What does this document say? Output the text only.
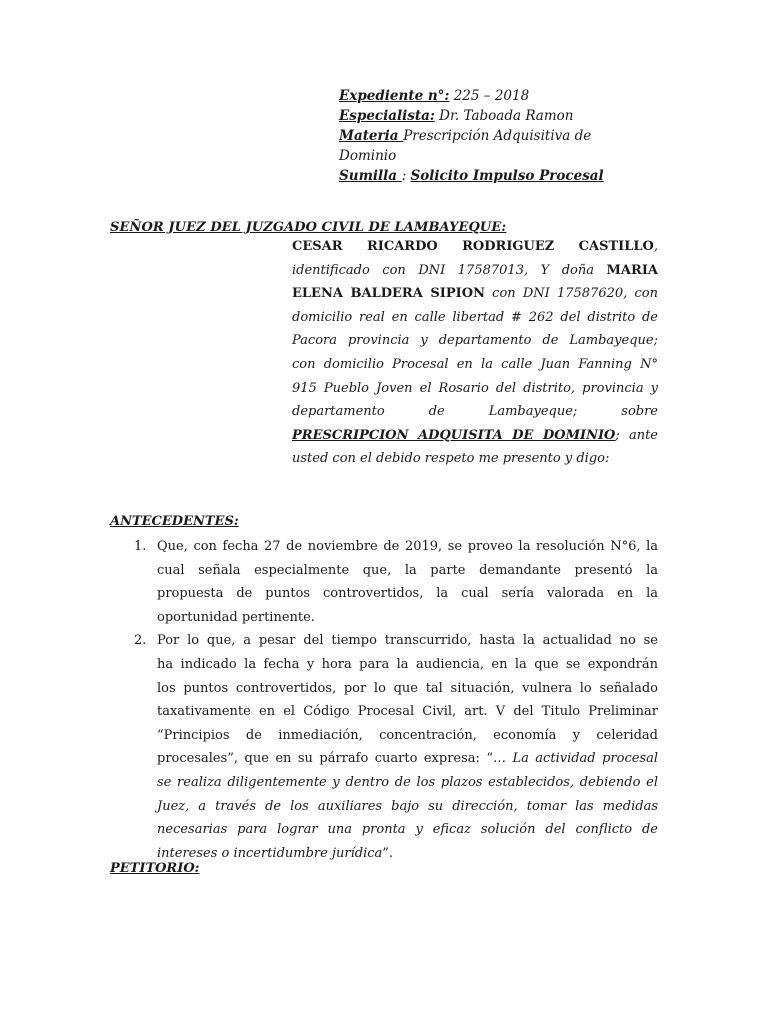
Expediente n°: 225 – 2018
Especialista: Dr. Taboada Ramon
Materia Prescripción Adquisitiva de
Dominio
Sumilla : Solicito Impulso Procesal
SEÑOR JUEZ DEL JUZGADO CIVIL DE LAMBAYEQUE:
CESAR RICARDO RODRIGUEZ CASTILLO,
identificado con DNI 17587013, Y doña MARIA
ELENA BALDERA SIPION con DNI 17587620, con
domicilio real en calle libertad # 262 del distrito de
Pacora provincia y departamento de Lambayeque;
con domicilio Procesal en la calle Juan Fanning N°
915 Pueblo Joven el Rosario del distrito, provincia y
departamento de Lambayeque; sobre
PRESCRIPCION ADQUISITA DE DOMINIO; ante
usted con el debido respeto me presento y digo:
ANTECEDENTES:
1. Que, con fecha 27 de noviembre de 2019, se proveo la resolución N°6, la
cual señala especialmente que, la parte demandante presentó la
propuesta de puntos controvertidos, la cual sería valorada en la
oportunidad pertinente.
2. Por lo que, a pesar del tiempo transcurrido, hasta la actualidad no se
ha indicado la fecha y hora para la audiencia, en la que se expondrán
los puntos controvertidos, por lo que tal situación, vulnera lo señalado
taxativamente en el Código Procesal Civil, art. V del Titulo Preliminar
“Principios de inmediación, concentración, economía y celeridad
procesales”, que en su párrafo cuarto expresa: “… La actividad procesal
se realiza diligentemente y dentro de los plazos establecidos, debiendo el
Juez, a través de los auxiliares bajo su dirección, tomar las medidas
necesarias para lograr una pronta y eficaz solución del conflicto de
intereses o incertidumbre jurídica”.
PETITORIO:
